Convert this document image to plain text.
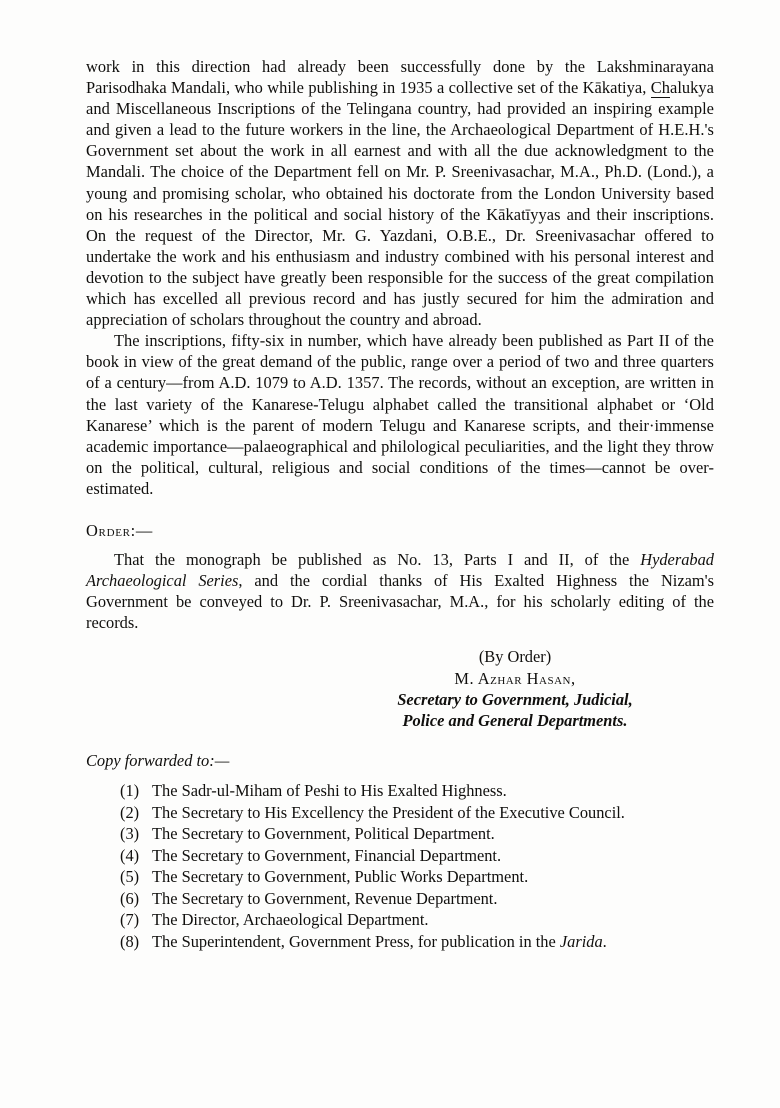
work in this direction had already been successfully done by the Lakshminarayana Parisodhaka Mandali, who while publishing in 1935 a collective set of the Kākatiya, Chalukya and Miscellaneous Inscriptions of the Telingana country, had provided an inspiring example and given a lead to the future workers in the line, the Archaeological Department of H.E.H.'s Government set about the work in all earnest and with all the due acknowledgment to the Mandali. The choice of the Department fell on Mr. P. Sreenivasachar, M.A., Ph.D. (Lond.), a young and promising scholar, who obtained his doctorate from the London University based on his researches in the political and social history of the Kākatīyyas and their inscriptions. On the request of the Director, Mr. G. Yazdani, O.B.E., Dr. Sreenivasachar offered to undertake the work and his enthusiasm and industry combined with his personal interest and devotion to the subject have greatly been responsible for the success of the great compilation which has excelled all previous record and has justly secured for him the admiration and appreciation of scholars throughout the country and abroad.

The inscriptions, fifty-six in number, which have already been published as Part II of the book in view of the great demand of the public, range over a period of two and three quarters of a century—from A.D. 1079 to A.D. 1357. The records, without an exception, are written in the last variety of the Kanarese-Telugu alphabet called the transitional alphabet or ‘Old Kanarese’ which is the parent of modern Telugu and Kanarese scripts, and their·immense academic importance—palaeographical and philological peculiarities, and the light they throw on the political, cultural, religious and social conditions of the times—cannot be over-estimated.

Order:—

That the monograph be published as No. 13, Parts I and II, of the Hyderabad Archaeological Series, and the cordial thanks of His Exalted Highness the Nizam's Government be conveyed to Dr. P. Sreenivasachar, M.A., for his scholarly editing of the records.

(By Order)
M. Azhar Hasan,
Secretary to Government, Judicial,
Police and General Departments.

Copy forwarded to:—

(1) The Sadr-ul-Miham of Peshi to His Exalted Highness.
(2) The Secretary to His Excellency the President of the Executive Council.
(3) The Secretary to Government, Political Department.
(4) The Secretary to Government, Financial Department.
(5) The Secretary to Government, Public Works Department.
(6) The Secretary to Government, Revenue Department.
(7) The Director, Archaeological Department.
(8) The Superintendent, Government Press, for publication in the Jarida.
